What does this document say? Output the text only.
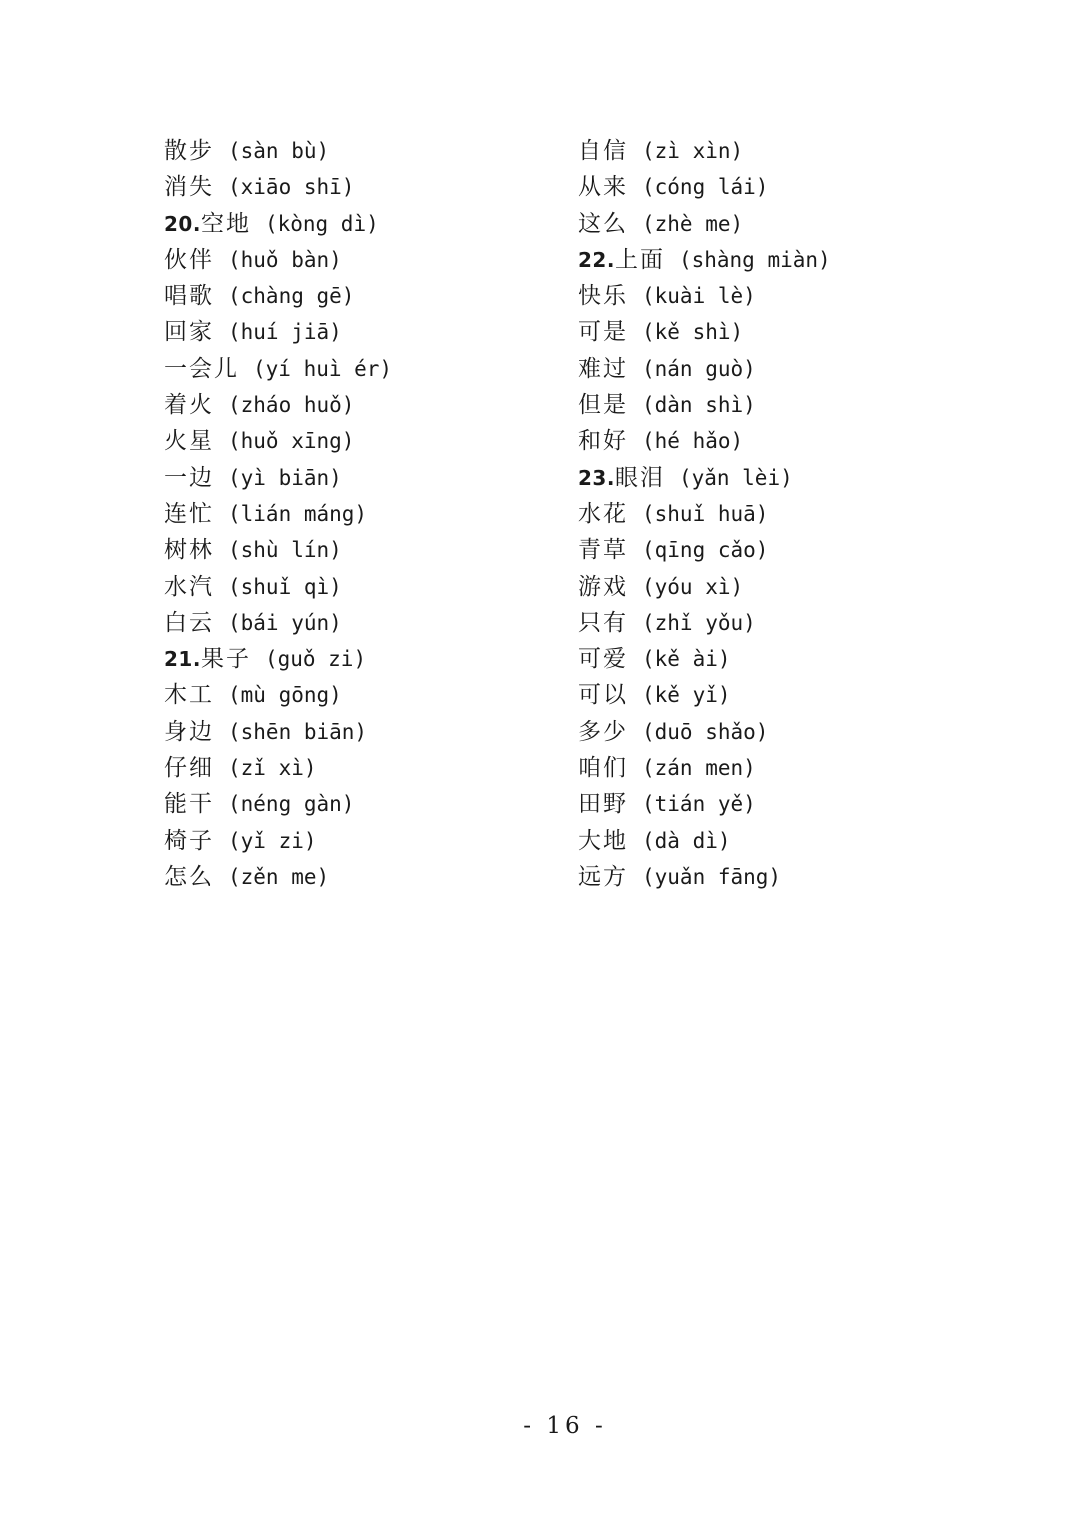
散步 (sàn bù)
消失 (xiāo shī)
20.空地 (kòng dì)
伙伴 (huǒ bàn)
唱歌 (chàng gē)
回家 (huí jiā)
一会儿 (yí huì ér)
着火 (zháo huǒ)
火星 (huǒ xīng)
一边 (yì biān)
连忙 (lián máng)
树林 (shù lín)
水汽 (shuǐ qì)
白云 (bái yún)
21.果子 (guǒ zi)
木工 (mù gōng)
身边 (shēn biān)
仔细 (zǐ xì)
能干 (néng gàn)
椅子 (yǐ zi)
怎么 (zěn me)
自信 (zì xìn)
从来 (cóng lái)
这么 (zhè me)
22.上面 (shàng miàn)
快乐 (kuài lè)
可是 (kě shì)
难过 (nán guò)
但是 (dàn shì)
和好 (hé hǎo)
23.眼泪 (yǎn lèi)
水花 (shuǐ huā)
青草 (qīng cǎo)
游戏 (yóu xì)
只有 (zhǐ yǒu)
可爱 (kě ài)
可以 (kě yǐ)
多少 (duō shǎo)
咱们 (zán men)
田野 (tián yě)
大地 (dà dì)
远方 (yuǎn fāng)
- 16 -
